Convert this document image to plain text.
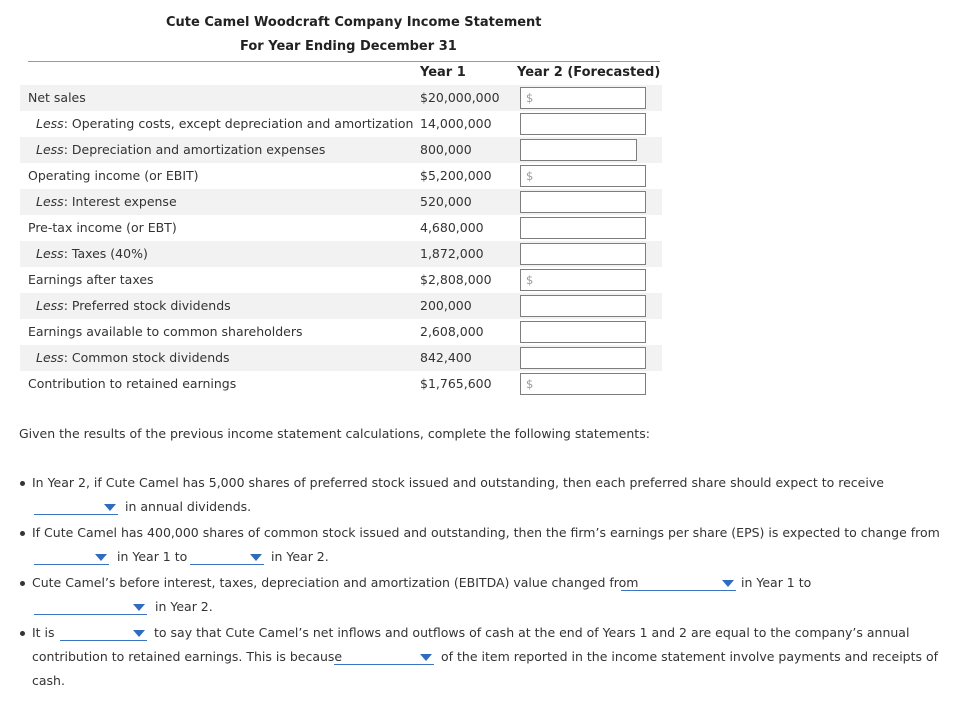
Cute Camel Woodcraft Company Income Statement
For Year Ending December 31
Year 1	Year 2 (Forecasted)
Net sales	$20,000,000 $
Less: Operating costs, except depreciation and amortization 14,000,000
Less: Depreciation and amortization expenses	800,000
Operating income (or EBIT)	$5,200,000	$
Less: Interest expense	520,000
Pre-tax income (or EBT)	4,680,000
Less: Taxes (40%)	1,872,000
Earnings after taxes	$2,808,000	$
Less: Preferred stock dividends	200,000
Earnings available to common shareholders	2,608,000
Less: Common stock dividends	842,400
Contribution to retained earnings	$1,765,600	$
Given the results of the previous income statement calculations, complete the following statements:
In Year 2, if Cute Camel has 5,000 shares of preferred stock issued and outstanding, then each preferred share should expect to receive
in annual dividends.
If Cute Camel has 400,000 shares of common stock issued and outstanding, then the firm’s earnings per share (EPS) is expected to change from
in Year 1 to	in Year 2.
Cute Camel’s before interest, taxes, depreciation and amortization (EBITDA) value changed from	in Year 1 to
in Year 2.
It is	to say that Cute Camel’s net inflows and outflows of cash at the end of Years 1 and 2 are equal to the company’s annual
contribution to retained earnings. This is because	of the item reported in the income statement involve payments and receipts of
cash.
